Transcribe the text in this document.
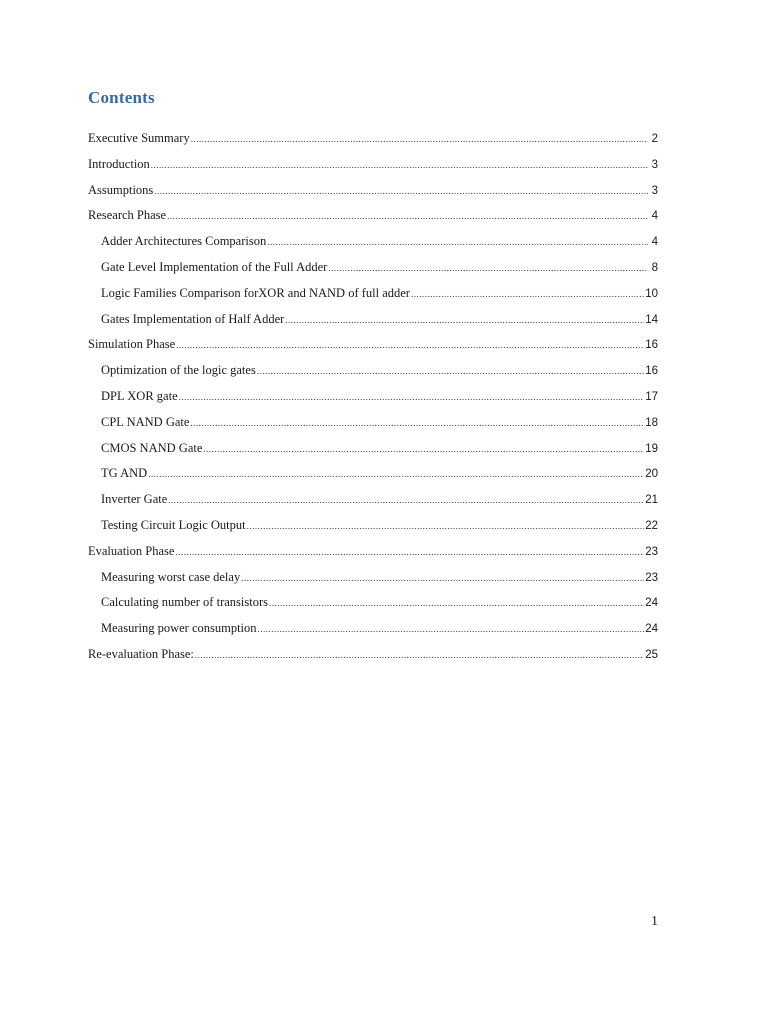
Contents
Executive Summary .....	2
Introduction .....	3
Assumptions .....	3
Research Phase .....	4
Adder Architectures Comparison .....	4
Gate Level Implementation of the Full Adder .....	8
Logic Families Comparison forXOR and NAND of full adder .....	10
Gates Implementation of Half Adder .....	14
Simulation Phase .....	16
Optimization of the logic gates .....	16
DPL XOR gate .....	17
CPL NAND Gate .....	18
CMOS NAND Gate .....	19
TG AND .....	20
Inverter Gate .....	21
Testing Circuit Logic Output .....	22
Evaluation Phase .....	23
Measuring worst case delay .....	23
Calculating number of transistors .....	24
Measuring power consumption .....	24
Re-evaluation Phase: .....	25
1
